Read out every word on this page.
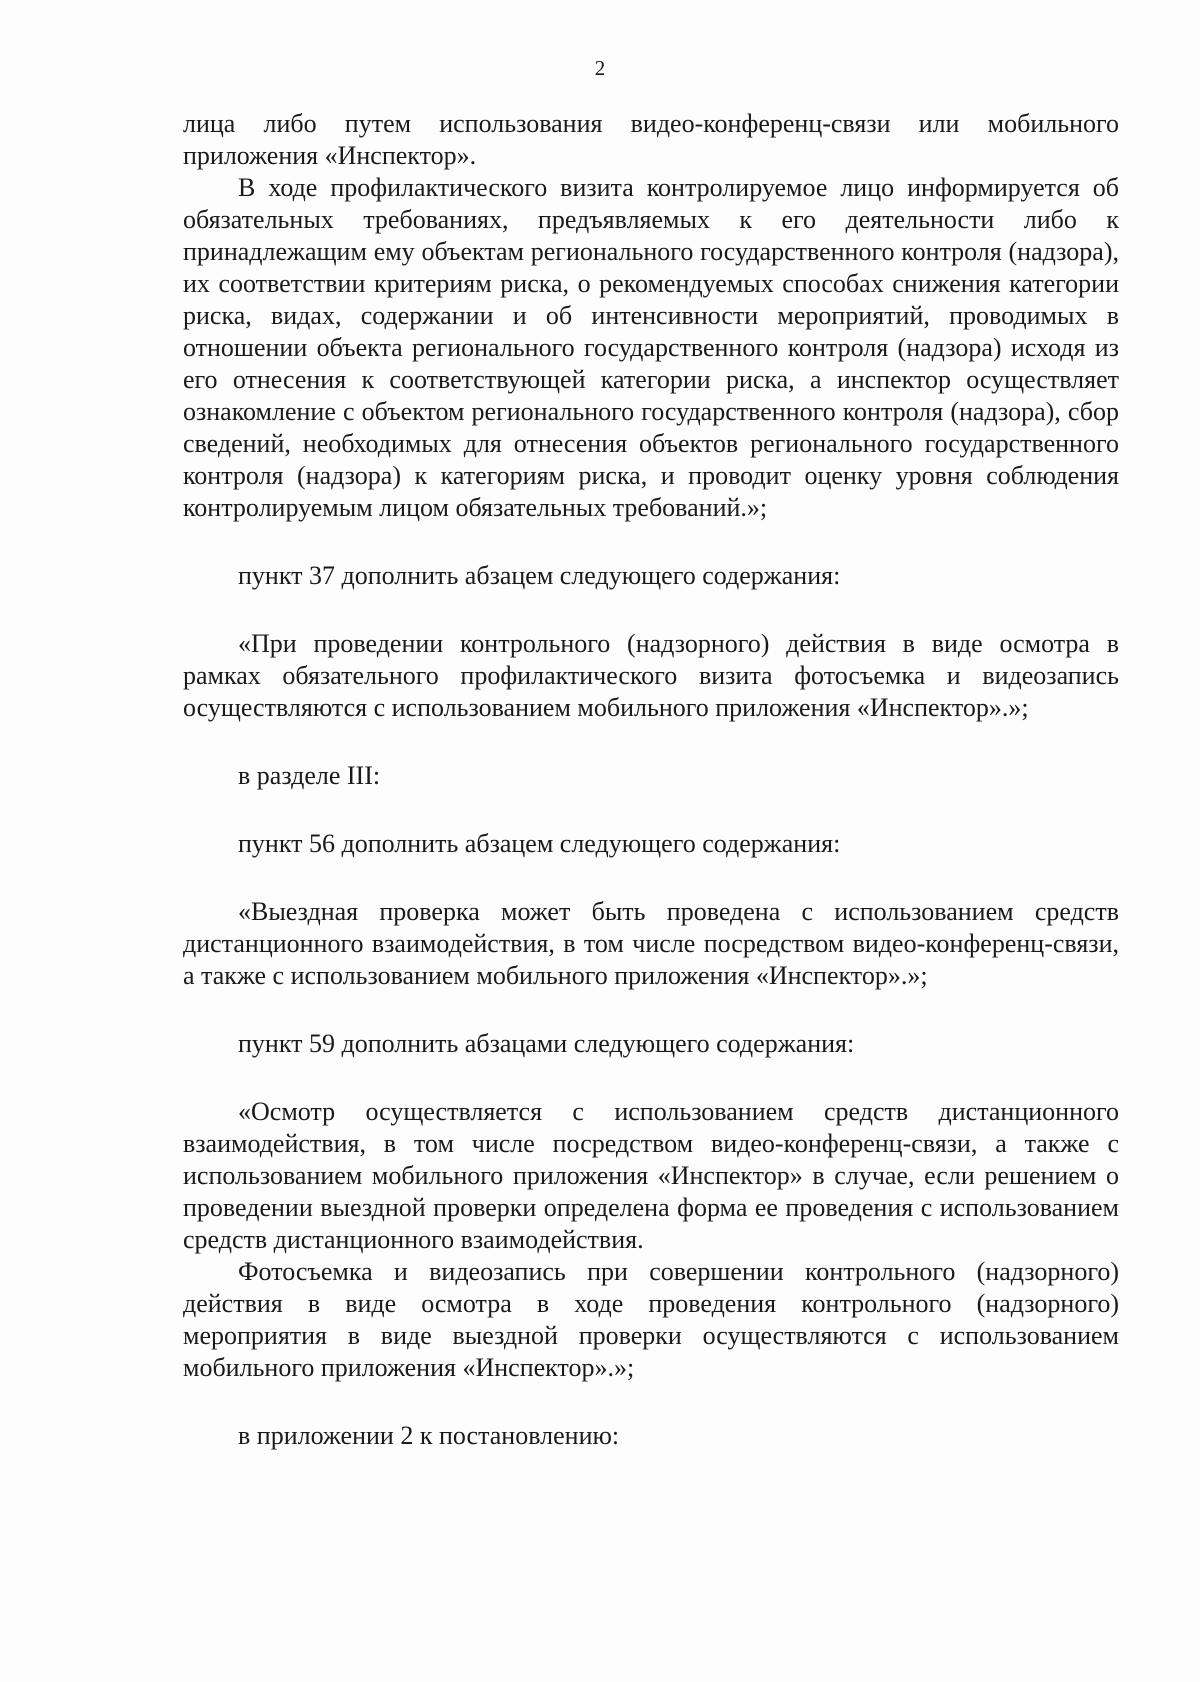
2

лица либо путем использования видео-конференц-связи или мобильного приложения «Инспектор».

В ходе профилактического визита контролируемое лицо информируется об обязательных требованиях, предъявляемых к его деятельности либо к принадлежащим ему объектам регионального государственного контроля (надзора), их соответствии критериям риска, о рекомендуемых способах снижения категории риска, видах, содержании и об интенсивности мероприятий, проводимых в отношении объекта регионального государственного контроля (надзора) исходя из его отнесения к соответствующей категории риска, а инспектор осуществляет ознакомление с объектом регионального государственного контроля (надзора), сбор сведений, необходимых для отнесения объектов регионального государственного контроля (надзора) к категориям риска, и проводит оценку уровня соблюдения контролируемым лицом обязательных требований.»;

пункт 37 дополнить абзацем следующего содержания:

«При проведении контрольного (надзорного) действия в виде осмотра в рамках обязательного профилактического визита фотосъемка и видеозапись осуществляются с использованием мобильного приложения «Инспектор».»;

в разделе III:

пункт 56 дополнить абзацем следующего содержания:

«Выездная проверка может быть проведена с использованием средств дистанционного взаимодействия, в том числе посредством видео-конференц-связи, а также с использованием мобильного приложения «Инспектор».»;

пункт 59 дополнить абзацами следующего содержания:

«Осмотр осуществляется с использованием средств дистанционного взаимодействия, в том числе посредством видео-конференц-связи, а также с использованием мобильного приложения «Инспектор» в случае, если решением о проведении выездной проверки определена форма ее проведения с использованием средств дистанционного взаимодействия.

Фотосъемка и видеозапись при совершении контрольного (надзорного) действия в виде осмотра в ходе проведения контрольного (надзорного) мероприятия в виде выездной проверки осуществляются с использованием мобильного приложения «Инспектор».»;

в приложении 2 к постановлению:
